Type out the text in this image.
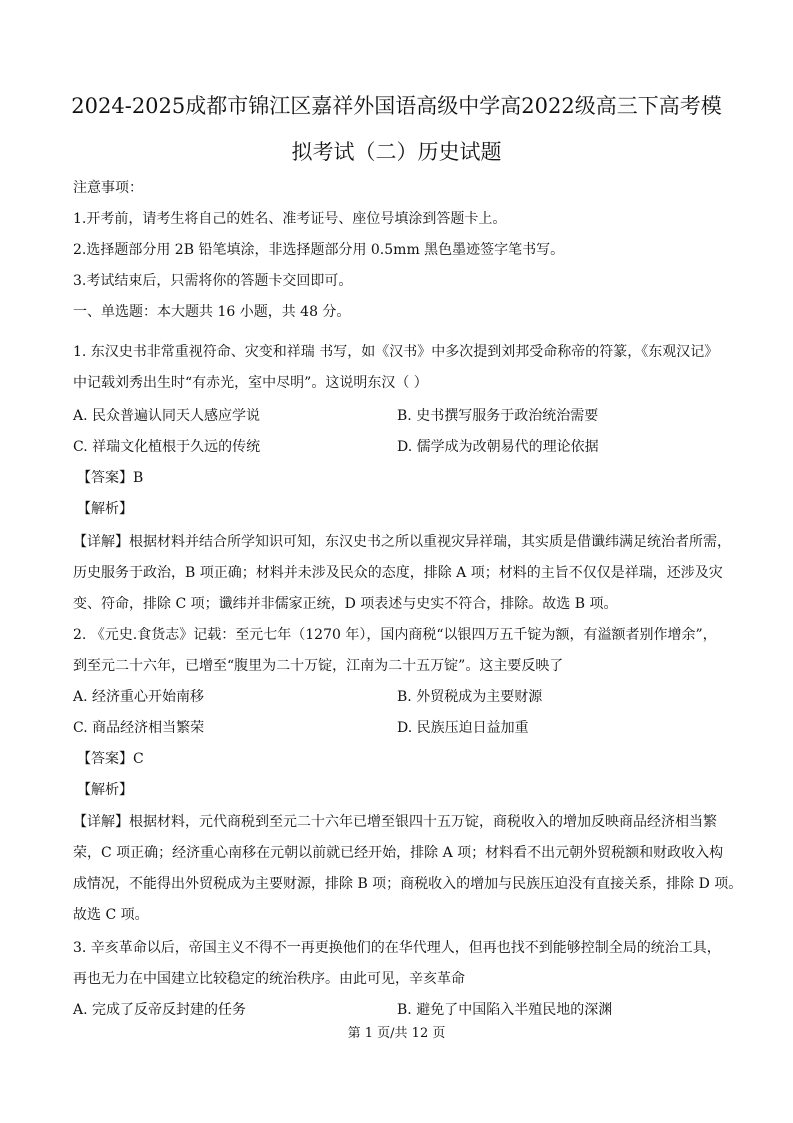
2024-2025成都市锦江区嘉祥外国语高级中学高2022级高三下高考模
拟考试（二）历史试题
注意事项：
1.开考前，请考生将自己的姓名、准考证号、座位号填涂到答题卡上。
2.选择题部分用 2B 铅笔填涂，非选择题部分用 0.5mm 黑色墨迹签字笔书写。
3.考试结束后，只需将你的答题卡交回即可。
一、单选题：本大题共 16 小题，共 48 分。
1. 东汉史书非常重视符命、灾变和祥瑞 书写，如《汉书》中多次提到刘邦受命称帝的符篆，《东观汉记》
中记载刘秀出生时“有赤光，室中尽明”。这说明东汉（ ）
A. 民众普遍认同天人感应学说	B. 史书撰写服务于政治统治需要
C. 祥瑞文化植根于久远的传统	D. 儒学成为改朝易代的理论依据
【答案】B
【解析】
【详解】根据材料并结合所学知识可知，东汉史书之所以重视灾异祥瑞，其实质是借谶纬满足统治者所需，
历史服务于政治，B 项正确；材料并未涉及民众的态度，排除 A 项；材料的主旨不仅仅是祥瑞，还涉及灾
变、符命，排除 C 项；谶纬并非儒家正统，D 项表述与史实不符合，排除。故选 B 项。
2. 《元史.食货志》记载：至元七年（1270 年），国内商税“以银四万五千锭为额，有溢额者别作增余”，
到至元二十六年，已增至“腹里为二十万锭，江南为二十五万锭”。这主要反映了
A. 经济重心开始南移	B. 外贸税成为主要财源
C. 商品经济相当繁荣	D. 民族压迫日益加重
【答案】C
【解析】
【详解】根据材料，元代商税到至元二十六年已增至银四十五万锭，商税收入的增加反映商品经济相当繁
荣，C 项正确；经济重心南移在元朝以前就已经开始，排除 A 项；材料看不出元朝外贸税额和财政收入构
成情况，不能得出外贸税成为主要财源，排除 B 项；商税收入的增加与民族压迫没有直接关系，排除 D 项。
故选 C 项。
3. 辛亥革命以后，帝国主义不得不一再更换他们的在华代理人，但再也找不到能够控制全局的统治工具，
再也无力在中国建立比较稳定的统治秩序。由此可见，辛亥革命
A. 完成了反帝反封建的任务	B. 避免了中国陷入半殖民地的深渊
第 1 页/共 12 页
